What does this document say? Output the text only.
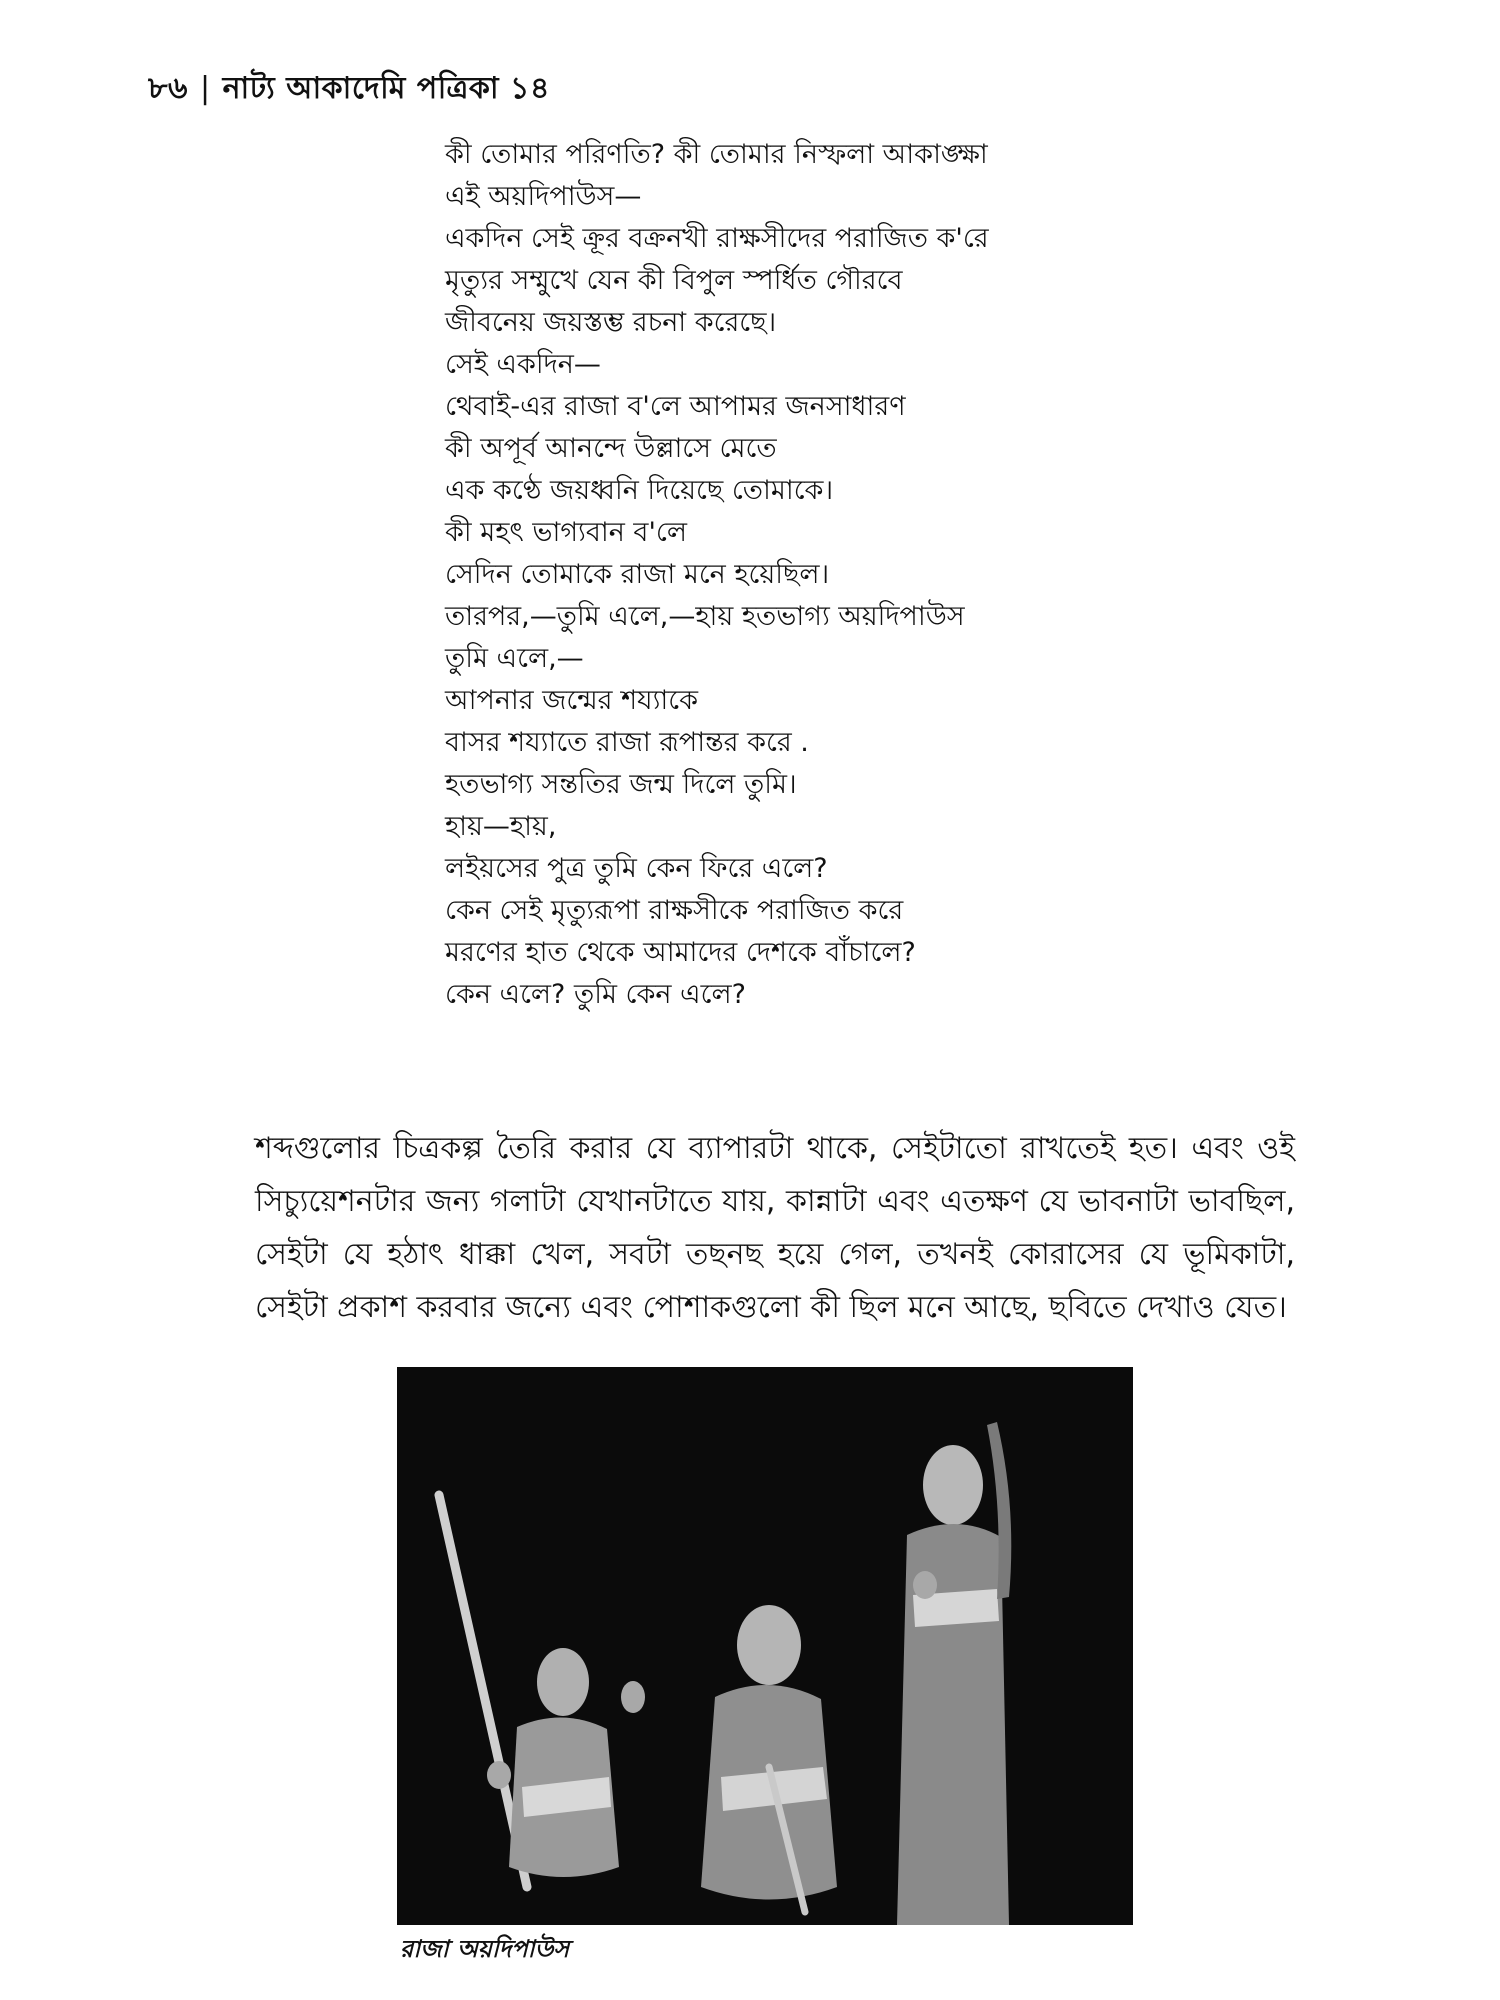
৮৬ | নাট্য আকাদেমি পত্রিকা ১৪
কী তোমার পরিণতি? কী তোমার নিস্ফলা আকাঙ্ক্ষা
এই অয়দিপাউস—
একদিন সেই ক্রূর বক্রনখী রাক্ষসীদের পরাজিত ক'রে
মৃত্যুর সম্মুখে যেন কী বিপুল স্পর্ধিত গৌরবে
জীবনেয় জয়স্তম্ভ রচনা করেছে।
সেই একদিন—
থেবাই-এর রাজা ব'লে আপামর জনসাধারণ
কী অপূর্ব আনন্দে উল্লাসে মেতে
এক কণ্ঠে জয়ধ্বনি দিয়েছে তোমাকে।
কী মহৎ ভাগ্যবান ব'লে
সেদিন তোমাকে রাজা মনে হয়েছিল।
তারপর,—তুমি এলে,—হায় হতভাগ্য অয়দিপাউস
তুমি এলে,—
আপনার জন্মের শয্যাকে
বাসর শয্যাতে রাজা রূপান্তর করে .
হতভাগ্য সন্ততির জন্ম দিলে তুমি।
হায়—হায়,
লইয়সের পুত্র তুমি কেন ফিরে এলে?
কেন সেই মৃত্যুরূপা রাক্ষসীকে পরাজিত করে
মরণের হাত থেকে আমাদের দেশকে বাঁচালে?
কেন এলে? তুমি কেন এলে?

শব্দগুলোর চিত্রকল্প তৈরি করার যে ব্যাপারটা থাকে, সেইটাতো রাখতেই হত। এবং ওই সিচ্যুয়েশনটার জন্য গলাটা যেখানটাতে যায়, কান্নাটা এবং এতক্ষণ যে ভাবনাটা ভাবছিল, সেইটা যে হঠাৎ ধাক্কা খেল, সবটা তছনছ হয়ে গেল, তখনই কোরাসের যে ভূমিকাটা, সেইটা প্রকাশ করবার জন্যে এবং পোশাকগুলো কী ছিল মনে আছে, ছবিতে দেখাও যেত।

রাজা অয়দিপাউস
